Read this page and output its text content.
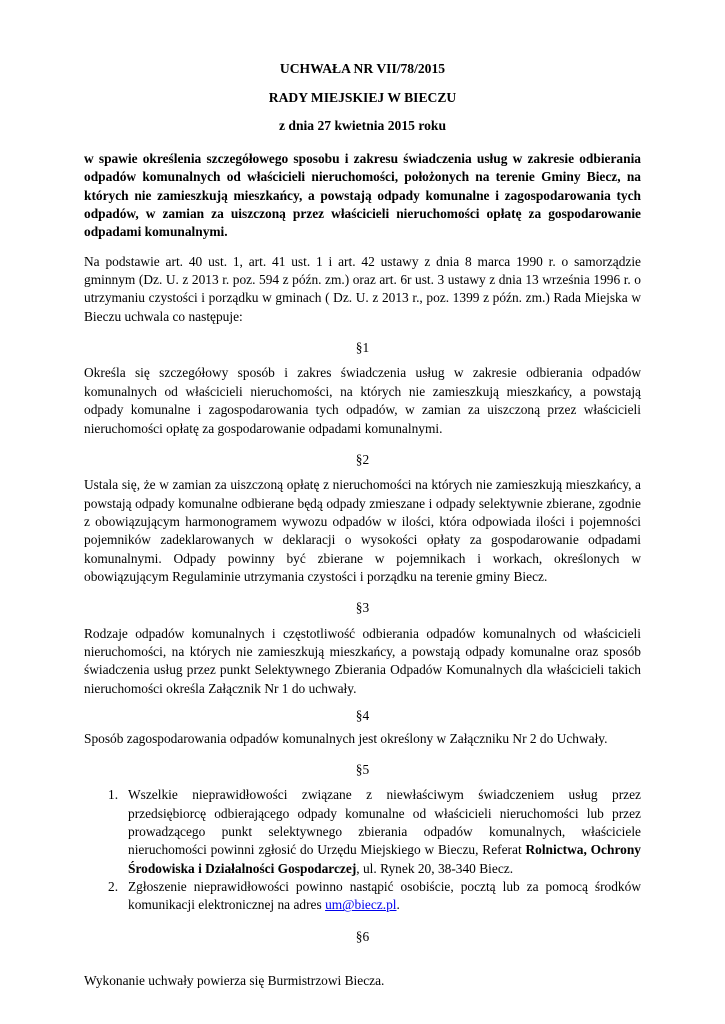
UCHWAŁA NR VII/78/2015
RADY MIEJSKIEJ W BIECZU
z dnia 27 kwietnia 2015 roku

w spawie określenia szczegółowego sposobu i zakresu świadczenia usług w zakresie odbierania odpadów komunalnych od właścicieli nieruchomości, położonych na terenie Gminy Biecz, na których nie zamieszkują mieszkańcy, a powstają odpady komunalne i zagospodarowania tych odpadów, w zamian za uiszczoną przez właścicieli nieruchomości opłatę za gospodarowanie odpadami komunalnymi.

Na podstawie art. 40 ust. 1, art. 41 ust. 1 i art. 42 ustawy z dnia 8 marca 1990 r. o samorządzie gminnym (Dz. U. z 2013 r. poz. 594 z późn. zm.) oraz art. 6r ust. 3 ustawy z dnia 13 września 1996 r. o utrzymaniu czystości i porządku w gminach ( Dz. U. z 2013 r., poz. 1399 z późn. zm.) Rada Miejska w Bieczu uchwala co następuje:

§1

Określa się szczegółowy sposób i zakres świadczenia usług w zakresie odbierania odpadów komunalnych od właścicieli nieruchomości, na których nie zamieszkują mieszkańcy, a powstają odpady komunalne i zagospodarowania tych odpadów, w zamian za uiszczoną przez właścicieli nieruchomości opłatę za gospodarowanie odpadami komunalnymi.

§2

Ustala się, że w zamian za uiszczoną opłatę z nieruchomości na których nie zamieszkują mieszkańcy, a powstają odpady komunalne odbierane będą odpady zmieszane i odpady selektywnie zbierane, zgodnie z obowiązującym harmonogramem wywozu odpadów w ilości, która odpowiada ilości i pojemności pojemników zadeklarowanych w deklaracji o wysokości opłaty za gospodarowanie odpadami komunalnymi. Odpady powinny być zbierane w pojemnikach i workach, określonych w obowiązującym Regulaminie utrzymania czystości i porządku na terenie gminy Biecz.

§3

Rodzaje odpadów komunalnych i częstotliwość odbierania odpadów komunalnych od właścicieli nieruchomości, na których nie zamieszkują mieszkańcy, a powstają odpady komunalne oraz sposób świadczenia usług przez punkt Selektywnego Zbierania Odpadów Komunalnych dla właścicieli takich nieruchomości określa Załącznik Nr 1 do uchwały.

§4

Sposób zagospodarowania odpadów komunalnych jest określony w Załączniku Nr 2 do Uchwały.

§5
1. Wszelkie nieprawidłowości związane z niewłaściwym świadczeniem usług przez przedsiębiorcę odbierającego odpady komunalne od właścicieli nieruchomości lub przez prowadzącego punkt selektywnego zbierania odpadów komunalnych, właściciele nieruchomości powinni zgłosić do Urzędu Miejskiego w Bieczu, Referat Rolnictwa, Ochrony Środowiska i Działalności Gospodarczej, ul. Rynek 20, 38-340 Biecz.
2. Zgłoszenie nieprawidłowości powinno nastąpić osobiście, pocztą lub za pomocą środków komunikacji elektronicznej na adres um@biecz.pl.
§6

Wykonanie uchwały powierza się Burmistrzowi Biecza.
